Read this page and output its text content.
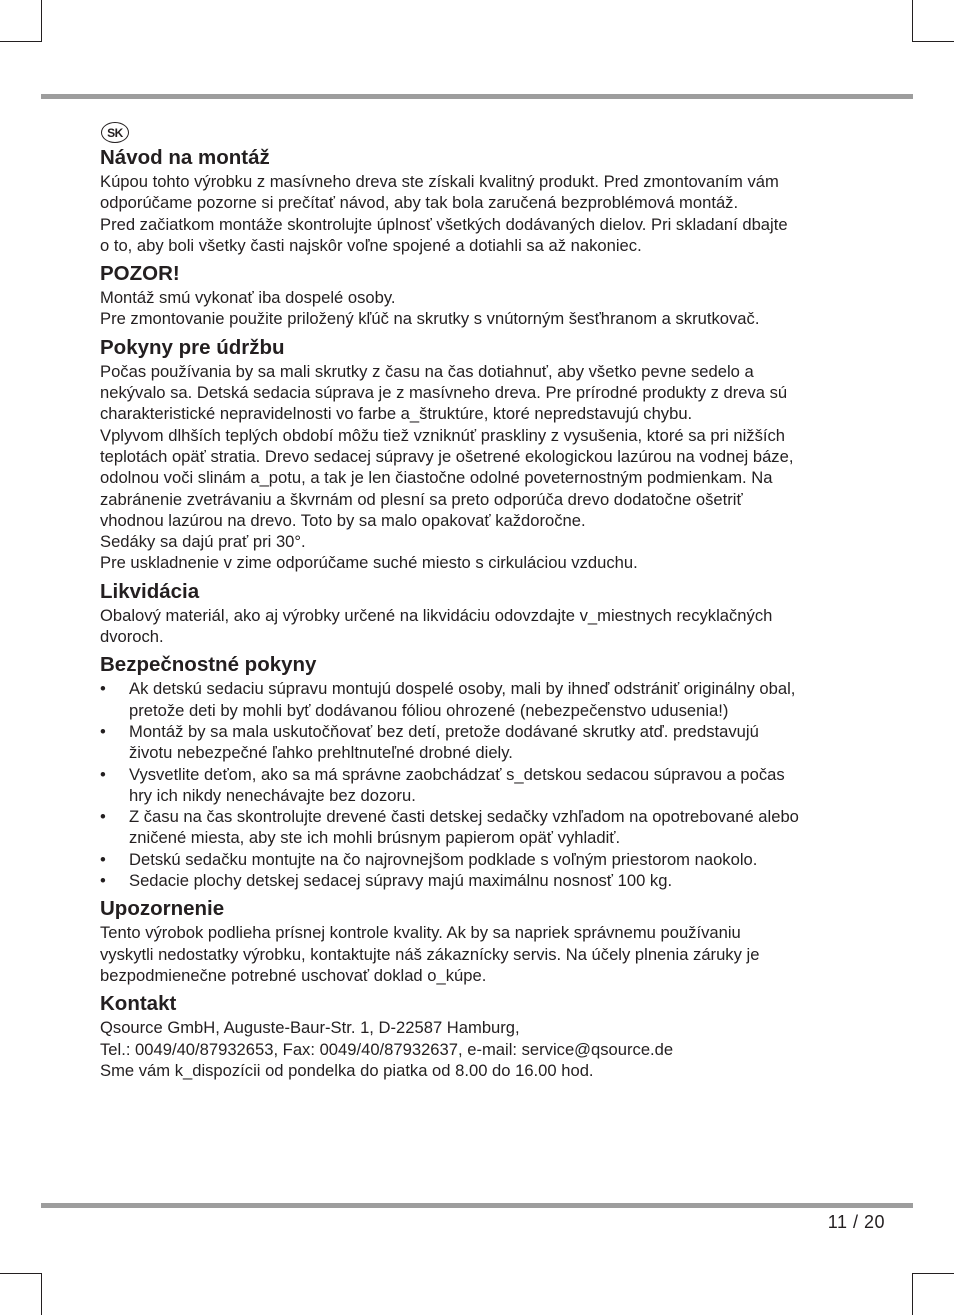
SK
Návod na montáž

Kúpou tohto výrobku z masívneho dreva ste získali kvalitný produkt. Pred zmontovaním vám

odporúčame pozorne si prečítať návod, aby tak bola zaručená bezproblémová montáž.

Pred začiatkom montáže skontrolujte úplnosť všetkých dodávaných dielov. Pri skladaní dbajte

o to, aby boli všetky časti najskôr voľne spojené a dotiahli sa až nakoniec.

POZOR!

Montáž smú vykonať iba dospelé osoby.

Pre zmontovanie použite priložený kľúč na skrutky s vnútorným šesťhranom a skrutkovač.

Pokyny pre údržbu

Počas používania by sa mali skrutky z času na čas dotiahnuť, aby všetko pevne sedelo a

nekývalo sa. Detská sedacia súprava je z masívneho dreva. Pre prírodné produkty z dreva sú

charakteristické nepravidelnosti vo farbe a_štruktúre, ktoré nepredstavujú chybu.

Vplyvom dlhších teplých období môžu tiež vzniknúť praskliny z vysušenia, ktoré sa pri nižších

teplotách opäť stratia. Drevo sedacej súpravy je ošetrené ekologickou lazúrou na vodnej báze,

odolnou voči slinám a_potu, a tak je len čiastočne odolné poveternostným podmienkam. Na

zabránenie zvetrávaniu a škvrnám od plesní sa preto odporúča drevo dodatočne ošetriť

vhodnou lazúrou na drevo. Toto by sa malo opakovať každoročne.

Sedáky sa dajú prať pri 30°.

Pre uskladnenie v zime odporúčame suché miesto s cirkuláciou vzduchu.

Likvidácia

Obalový materiál, ako aj výrobky určené na likvidáciu odovzdajte v_miestnych recyklačných

dvoroch.

Bezpečnostné pokyny
• Ak detskú sedaciu súpravu montujú dospelé osoby, mali by ihneď odstrániť originálny obal,
pretože deti by mohli byť dodávanou fóliou ohrozené (nebezpečenstvo udusenia!)
• Montáž by sa mala uskutočňovať bez detí, pretože dodávané skrutky atď. predstavujú
životu nebezpečné ľahko prehltnuteľné drobné diely.
• Vysvetlite deťom, ako sa má správne zaobchádzať s_detskou sedacou súpravou a počas
hry ich nikdy nenechávajte bez dozoru.
• Z času na čas skontrolujte drevené časti detskej sedačky vzhľadom na opotrebované alebo
zničené miesta, aby ste ich mohli brúsnym papierom opäť vyhladiť.
• Detskú sedačku montujte na čo najrovnejšom podklade s voľným priestorom naokolo.
• Sedacie plochy detskej sedacej súpravy majú maximálnu nosnosť 100 kg.
Upozornenie

Tento výrobok podlieha prísnej kontrole kvality. Ak by sa napriek správnemu používaniu

vyskytli nedostatky výrobku, kontaktujte náš zákaznícky servis. Na účely plnenia záruky je

bezpodmienečne potrebné uschovať doklad o_kúpe.

Kontakt

Qsource GmbH, Auguste-Baur-Str. 1, D-22587 Hamburg,

Tel.: 0049/40/87932653, Fax: 0049/40/87932637, e-mail: service@qsource.de

Sme vám k_dispozícii od pondelka do piatka od 8.00 do 16.00 hod.

11 / 20
